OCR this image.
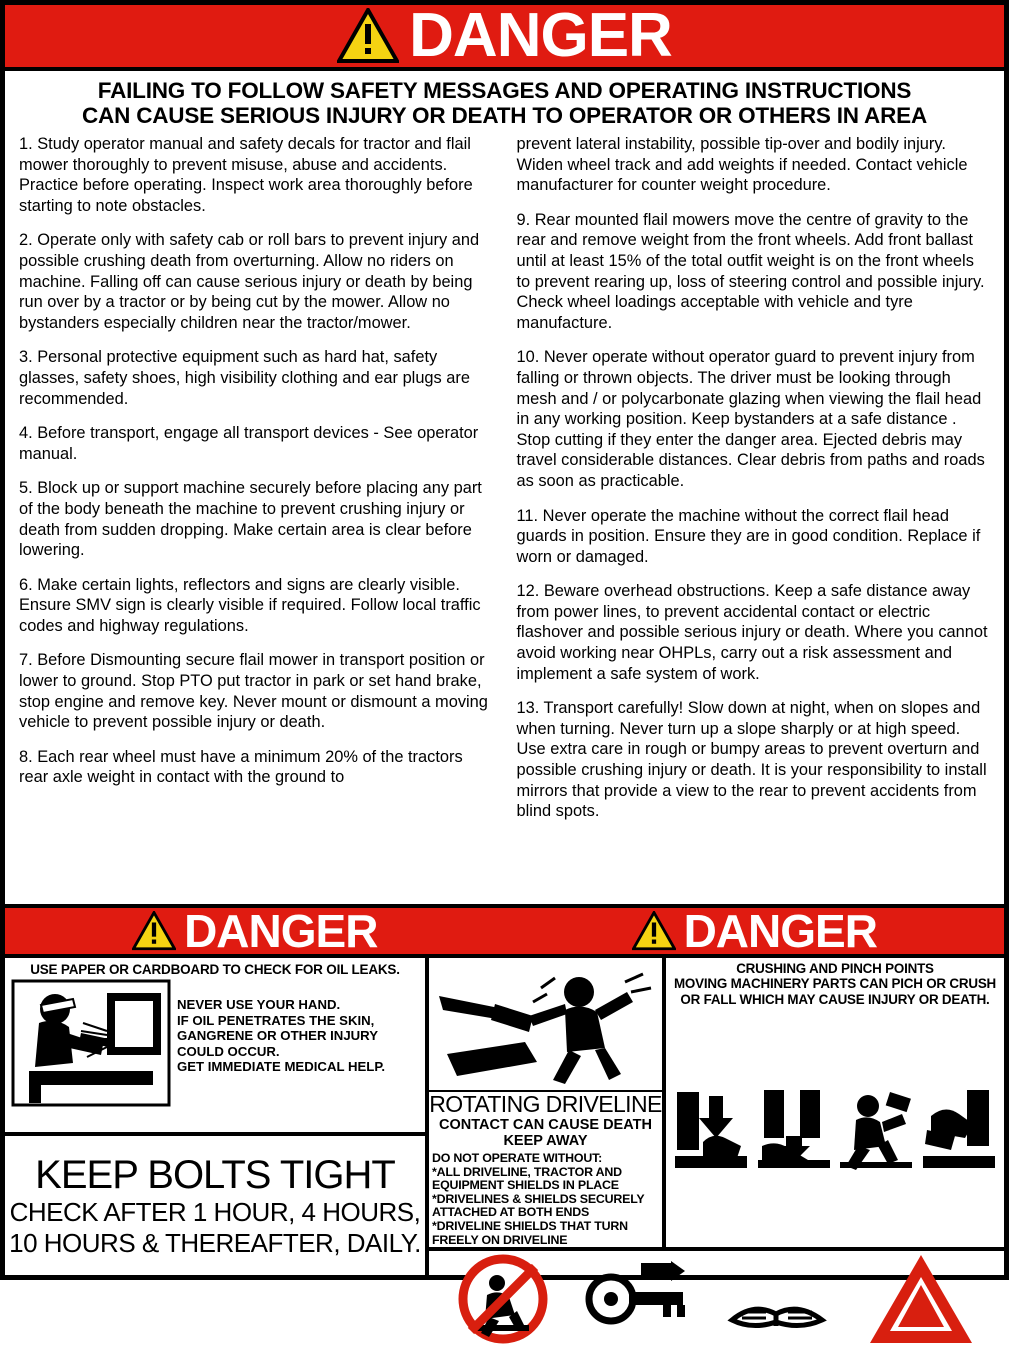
DANGER
FAILING TO FOLLOW SAFETY MESSAGES AND OPERATING INSTRUCTIONS
CAN CAUSE SERIOUS INJURY OR DEATH TO OPERATOR OR OTHERS IN AREA

1. Study operator manual and safety decals for tractor and flail mower thoroughly to prevent misuse, abuse and accidents. Practice before operating. Inspect work area thoroughly before starting to note obstacles.

2. Operate only with safety cab or roll bars to prevent injury and possible crushing death from overturning. Allow no riders on machine. Falling off can cause serious injury or death by being run over by a tractor or by being cut by the mower. Allow no bystanders especially children near the tractor/mower.

3. Personal protective equipment such as hard hat, safety glasses, safety shoes, high visibility clothing and ear plugs are recommended.

4. Before transport, engage all transport devices - See operator manual.

5. Block up or support machine securely before placing any part of the body beneath the machine to prevent crushing injury or death from sudden dropping. Make certain area is clear before lowering.

6. Make certain lights, reflectors and signs are clearly visible. Ensure SMV sign is clearly visible if required. Follow local traffic codes and highway regulations.

7. Before Dismounting secure flail mower in transport position or lower to ground. Stop PTO put tractor in park or set hand brake, stop engine and remove key. Never mount or dismount a moving vehicle to prevent possible injury or death.

8. Each rear wheel must have a minimum 20% of the tractors rear axle weight in contact with the ground to

prevent lateral instability, possible tip-over and bodily injury. Widen wheel track and add weights if needed. Contact vehicle manufacturer for counter weight procedure.

9. Rear mounted flail mowers move the centre of gravity to the rear and remove weight from the front wheels. Add front ballast until at least 15% of the total outfit weight is on the front wheels to prevent rearing up, loss of steering control and possible injury. Check wheel loadings acceptable with vehicle and tyre manufacture.

10. Never operate without operator guard to prevent injury from falling or thrown objects. The driver must be looking through mesh and / or polycarbonate glazing when viewing the flail head in any working position. Keep bystanders at a safe distance . Stop cutting if they enter the danger area. Ejected debris may travel considerable distances. Clear debris from paths and roads as soon as practicable.

11. Never operate the machine without the correct flail head guards in position. Ensure they are in good condition. Replace if worn or damaged.

12. Beware overhead obstructions. Keep a safe distance away from power lines, to prevent accidental contact or electric flashover and possible serious injury or death. Where you cannot avoid working near OHPLs, carry out a risk assessment and implement a safe system of work.

13. Transport carefully! Slow down at night, when on slopes and when turning. Never turn up a slope sharply or at high speed. Use extra care in rough or bumpy areas to prevent overturn and possible crushing injury or death. It is your responsibility to install mirrors that provide a view to the rear to prevent accidents from blind spots.

DANGER	DANGER
USE PAPER OR CARDBOARD TO CHECK FOR OIL LEAKS.
NEVER USE YOUR HAND.
IF OIL PENETRATES THE SKIN,
GANGRENE OR OTHER INJURY
COULD OCCUR.
GET IMMEDIATE MEDICAL HELP.
KEEP BOLTS TIGHT
CHECK AFTER 1 HOUR, 4 HOURS,
10 HOURS & THEREAFTER, DAILY.
ROTATING DRIVELINE
CONTACT CAN CAUSE DEATH
KEEP AWAY
DO NOT OPERATE WITHOUT:
*ALL DRIVELINE, TRACTOR AND
EQUIPMENT SHIELDS IN PLACE
*DRIVELINES & SHIELDS SECURELY
ATTACHED AT BOTH ENDS
*DRIVELINE SHIELDS THAT TURN
FREELY ON DRIVELINE
CRUSHING AND PINCH POINTS
MOVING MACHINERY PARTS CAN PICH OR CRUSH
OR FALL WHICH MAY CAUSE INJURY OR DEATH.
